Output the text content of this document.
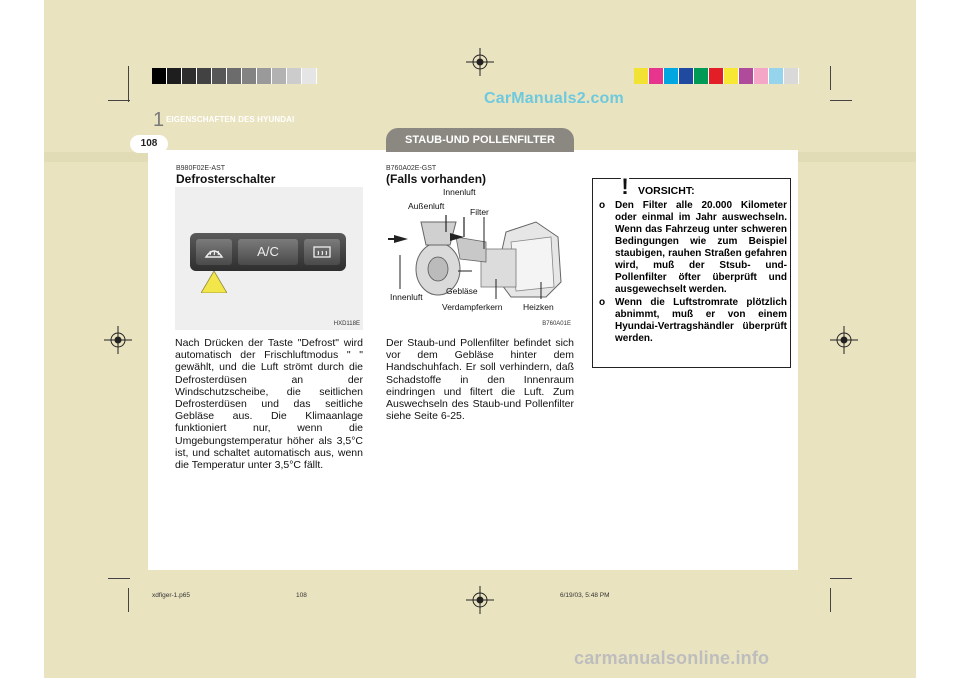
CarManuals2.com
1 EIGENSCHAFTEN DES HYUNDAI
STAUB-UND POLLENFILTER
108
B980F02E-AST
Defrosterschalter
A/C
HXD118E
Nach Drücken der Taste "Defrost" wird automatisch der Frischluftmodus " " gewählt, und die Luft strömt durch die Defrosterdüsen an der Windschutzscheibe, die seitlichen Defrosterdüsen und das seitliche Gebläse aus. Die Klimaanlage funktioniert nur, wenn die Umgebungstemperatur höher als 3,5°C ist, und schaltet automatisch aus, wenn die Temperatur unter 3,5°C fällt.
B760A02E-GST
(Falls vorhanden)
Innenluft
Außenluft
Filter
Innenluft
Gebläse
Verdampferkern Heizken
B760A01E
Der Staub-und Pollenfilter befindet sich vor dem Gebläse hinter dem Handschuhfach. Er soll verhindern, daß Schadstoffe in den Innenraum eindringen und filtert die Luft. Zum Auswechseln des Staub-und Pollenfilter siehe Seite 6-25.
! VORSICHT:
o Den Filter alle 20.000 Kilometer oder einmal im Jahr auswechseln. Wenn das Fahrzeug unter schweren Bedingungen wie zum Beispiel staubigen, rauhen Straßen gefahren wird, muß der Stsub- und-Pollenfilter öfter überprüft und ausgewechselt werden.
o Wenn die Luftstromrate plötzlich abnimmt, muß er von einem Hyundai-Vertragshändler überprüft werden.
xdfiger-1.p65	108	6/19/03, 5:48 PM
carmanualsonline.info
